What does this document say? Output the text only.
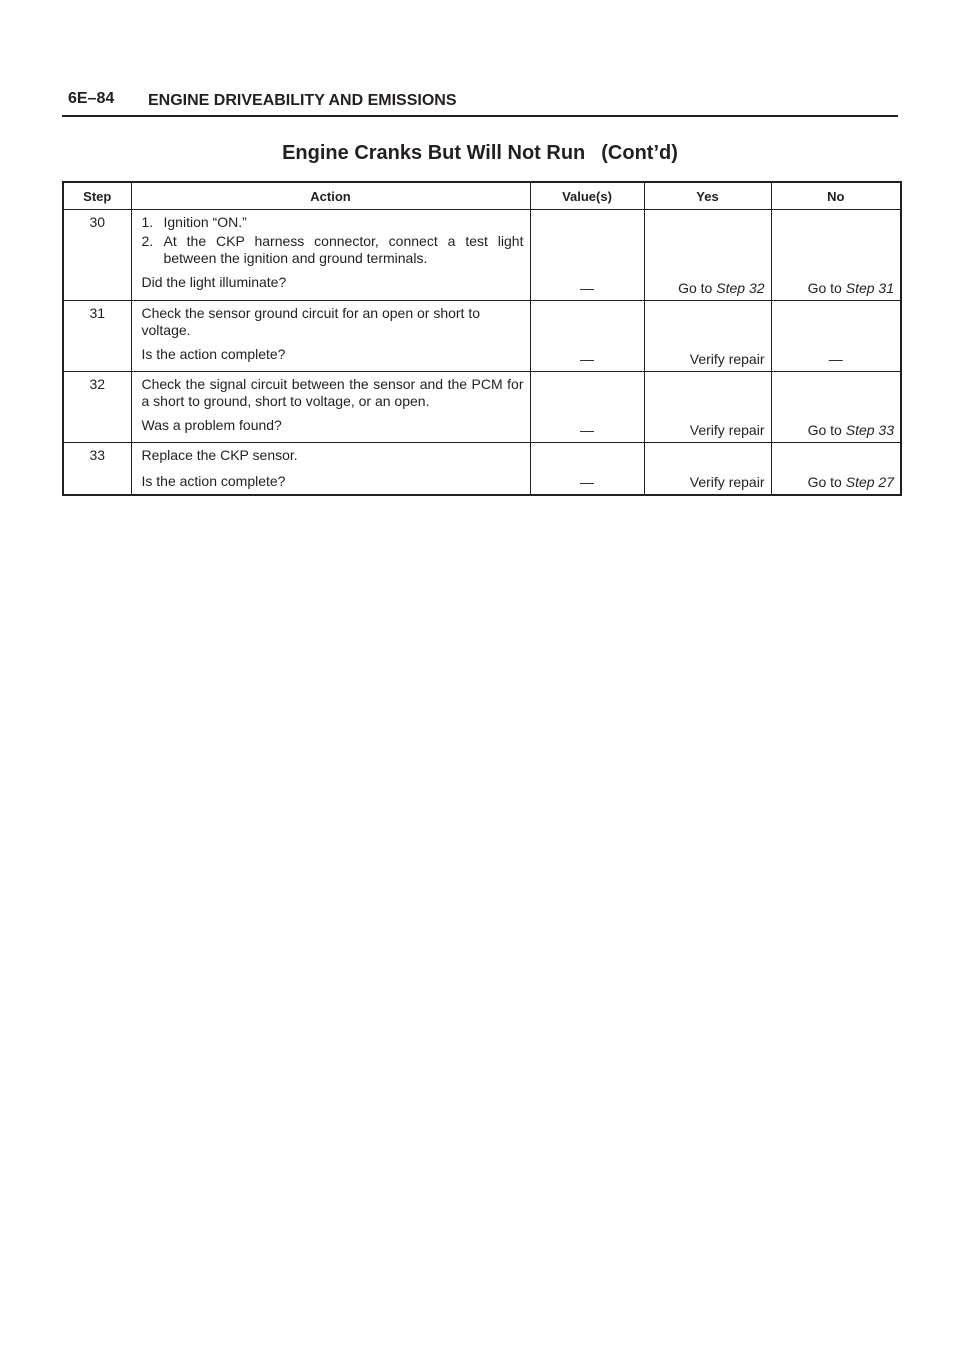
6E–84 ENGINE DRIVEABILITY AND EMISSIONS
Engine Cranks But Will Not Run (Cont’d)
Step	Action	Value(s)	Yes	No
30	1. Ignition “ON.”
2. At the CKP harness connector, connect a test light between the ignition and ground terminals.
Did the light illuminate?	—	Go to Step 32	Go to Step 31
31	Check the sensor ground circuit for an open or short to voltage.
Is the action complete?	—	Verify repair	—
32	Check the signal circuit between the sensor and the PCM for a short to ground, short to voltage, or an open.
Was a problem found?	—	Verify repair	Go to Step 33
33	Replace the CKP sensor.
Is the action complete?	—	Verify repair	Go to Step 27
